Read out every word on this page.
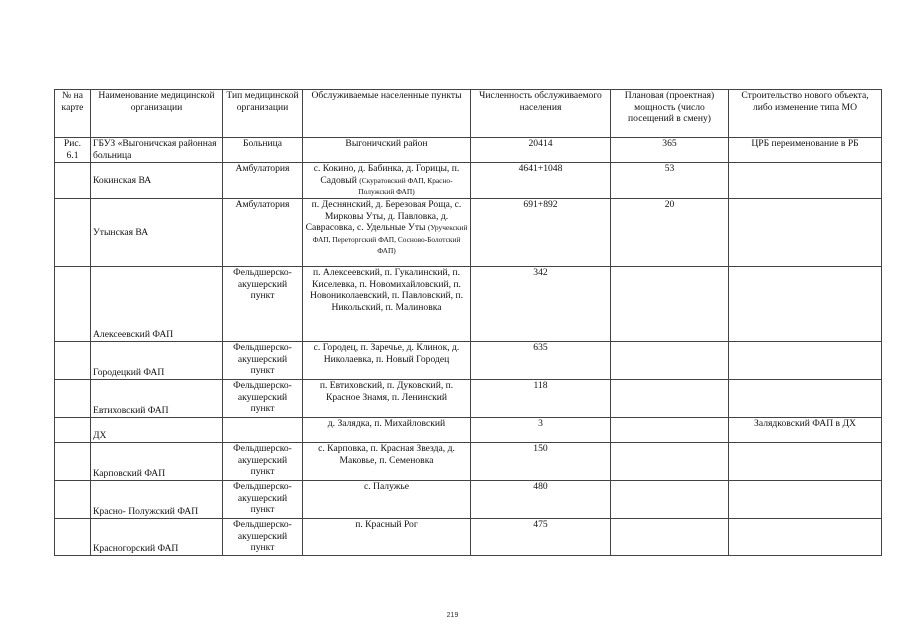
№ на карте	Наименование медицинской организации	Тип медицинской организации	Обслуживаемые населенные пункты	Численность обслуживаемого населения	Плановая (проектная) мощность (число посещений в смену)	Строительство нового объекта, либо изменение типа МО
Рис. 6.1	ГБУЗ «Выгоничская районная больница	Больница	Выгоничский район	20414	365	ЦРБ переименование в РБ
	Кокинская ВА	Амбулатория	с. Кокино, д. Бабинка, д. Горицы, п. Садовый (Скуратовский ФАП, Красно-Полужский ФАП)	4641+1048	53	
	Утынская ВА	Амбулатория	п. Деснянский, д. Березовая Роща, с. Мирковы Уты, д. Павловка, д. Саврасовка, с. Удельные Уты (Уручекский ФАП, Переторгский ФАП, Сосново-Болотский ФАП)	691+892	20	
	Алексеевский ФАП	Фельдшерско-акушерский пункт	п. Алексеевский, п. Гукалинский, п. Киселевка, п. Новомихайловский, п. Новониколаевский, п. Павловский, п. Никольский, п. Малиновка	342		
	Городецкий ФАП	Фельдшерско-акушерский пункт	с. Городец, п. Заречье, д. Клинок, д. Николаевка, п. Новый Городец	635		
	Евтиховский ФАП	Фельдшерско-акушерский пункт	п. Евтиховский, п. Дуковский, п. Красное Знамя, п. Ленинский	118		
	ДХ		д. Залядка, п. Михайловский	3		Залядковский ФАП в ДХ
	Карповский ФАП	Фельдшерско-акушерский пункт	с. Карповка, п. Красная Звезда, д. Маковье, п. Семеновка	150		
	Красно- Полужский ФАП	Фельдшерско-акушерский пункт	с. Палужье	480		
	Красногорский ФАП	Фельдшерско-акушерский пункт	п. Красный Рог	475		
219
